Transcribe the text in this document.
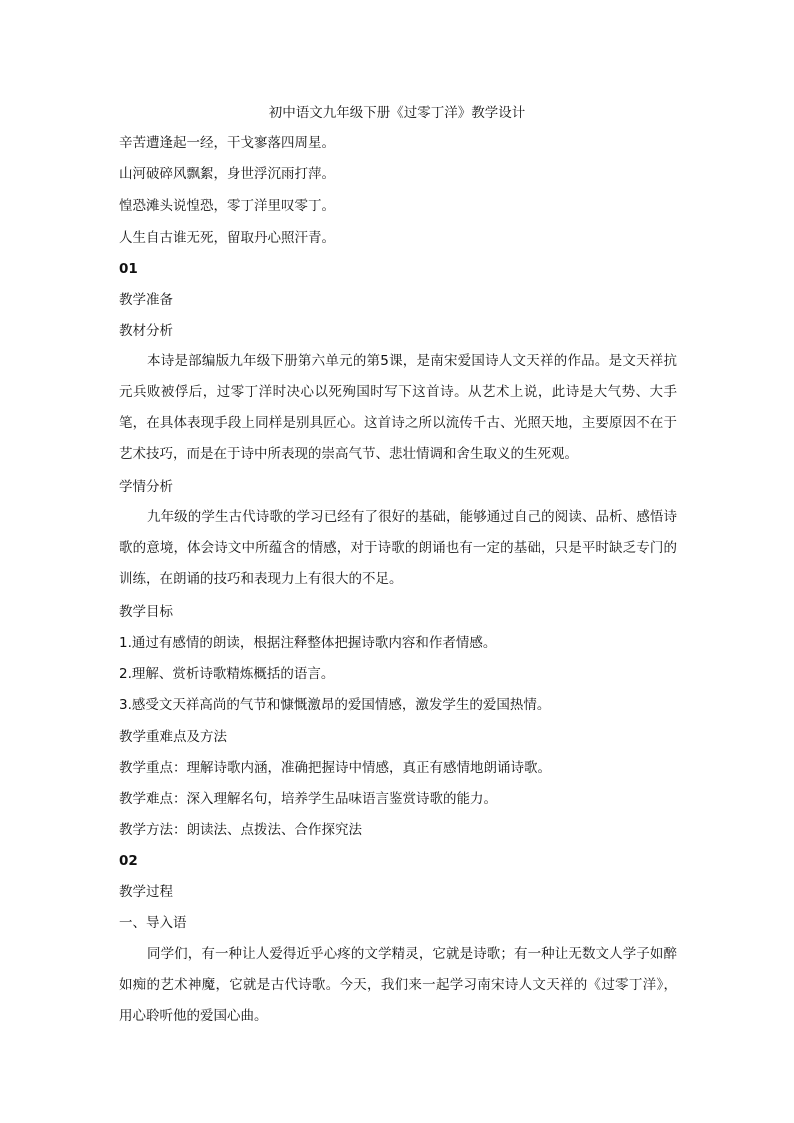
初中语文九年级下册《过零丁洋》教学设计
辛苦遭逢起一经，干戈寥落四周星。
山河破碎风飘絮，身世浮沉雨打萍。
惶恐滩头说惶恐，零丁洋里叹零丁。
人生自古谁无死，留取丹心照汗青。
01
教学准备
教材分析
本诗是部编版九年级下册第六单元的第5课，是南宋爱国诗人文天祥的作品。是文天祥抗元兵败被俘后，过零丁洋时决心以死殉国时写下这首诗。从艺术上说，此诗是大气势、大手笔，在具体表现手段上同样是别具匠心。这首诗之所以流传千古、光照天地，主要原因不在于艺术技巧，而是在于诗中所表现的崇高气节、悲壮情调和舍生取义的生死观。
学情分析
九年级的学生古代诗歌的学习已经有了很好的基础，能够通过自己的阅读、品析、感悟诗歌的意境，体会诗文中所蕴含的情感，对于诗歌的朗诵也有一定的基础，只是平时缺乏专门的训练，在朗诵的技巧和表现力上有很大的不足。
教学目标
1.通过有感情的朗读，根据注释整体把握诗歌内容和作者情感。
2.理解、赏析诗歌精炼概括的语言。
3.感受文天祥高尚的气节和慷慨激昂的爱国情感，激发学生的爱国热情。
教学重难点及方法
教学重点：理解诗歌内涵，准确把握诗中情感，真正有感情地朗诵诗歌。
教学难点：深入理解名句，培养学生品味语言鉴赏诗歌的能力。
教学方法：朗读法、点拨法、合作探究法
02
教学过程
一、导入语
同学们，有一种让人爱得近乎心疼的文学精灵，它就是诗歌；有一种让无数文人学子如醉如痴的艺术神魔，它就是古代诗歌。今天，我们来一起学习南宋诗人文天祥的《过零丁洋》，用心聆听他的爱国心曲。
